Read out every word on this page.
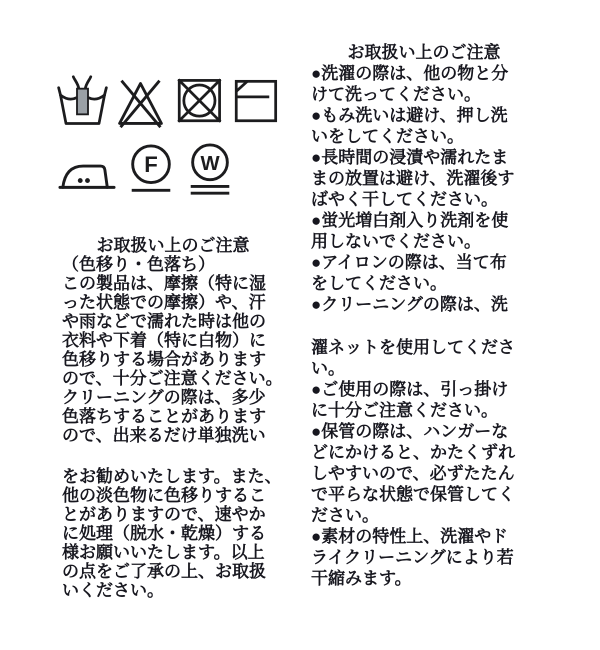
F W
お取扱い上のご注意
（色移り・色落ち）
この製品は、摩擦（特に湿
った状態での摩擦）や、汗
や雨などで濡れた時は他の
衣料や下着（特に白物）に
色移りする場合があります
ので、十分ご注意ください。
クリーニングの際は、多少
色落ちすることがあります
ので、出来るだけ単独洗い
をお勧めいたします。また、
他の淡色物に色移りするこ
とがありますので、速やか
に処理（脱水・乾燥）する
様お願いいたします。以上
の点をご了承の上、お取扱
いください。
お取扱い上のご注意
●洗濯の際は、他の物と分
けて洗ってください。
●もみ洗いは避け、押し洗
いをしてください。
●長時間の浸漬や濡れたま
まの放置は避け、洗濯後す
ばやく干してください。
●蛍光増白剤入り洗剤を使
用しないでください。
●アイロンの際は、当て布
をしてください。
●クリーニングの際は、洗
濯ネットを使用してくださ
い。
●ご使用の際は、引っ掛け
に十分ご注意ください。
●保管の際は、ハンガーな
どにかけると、かたくずれ
しやすいので、必ずたたん
で平らな状態で保管してく
ださい。
●素材の特性上、洗濯やド
ライクリーニングにより若
干縮みます。
